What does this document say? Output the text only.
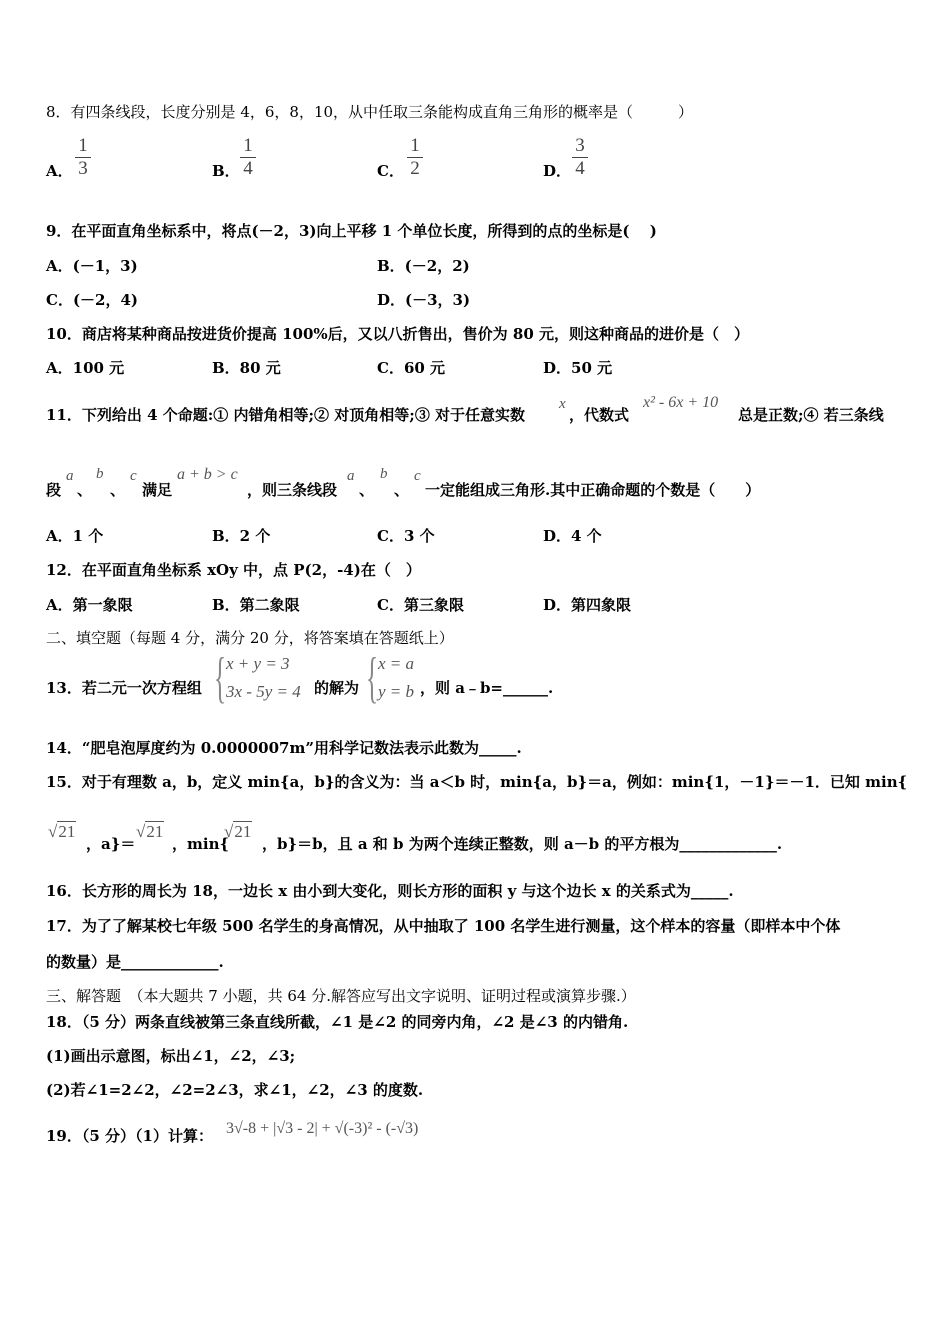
8．有四条线段，长度分别是 4，6，8，10，从中任取三条能构成直角三角形的概率是（　　　）
A．
1
3	B．
1
4	C．
1
2	D．
3
4
9．在平面直角坐标系中，将点(－2，3)向上平移 1 个单位长度，所得到的点的坐标是(　 )
A．(－1，3)	B．(－2，2)
C．(－2，4)	D．(－3，3)
10．商店将某种商品按进货价提高 100%后，又以八折售出，售价为 80 元，则这种商品的进价是（　）
A．100 元	B．80 元	C．60 元	D．50 元
11．下列给出 4 个命题:① 内错角相等;② 对顶角相等;③ 对于任意实数
x
，代数式
x² - 6x + 10
总是正数;④ 若三条线
段
a
、
b
、
c
满足
a + b > c
，则三条线段
a
、
b
、
c
一定能组成三角形.其中正确命题的个数是（　　）
A．1 个	B．2 个	C．3 个	D．4 个
12．在平面直角坐标系 xOy 中，点 P(2，-4)在（　）
A．第一象限	B．第二象限	C．第三象限	D．第四象限
二、填空题（每题 4 分，满分 20 分，将答案填在答题纸上）
13．若二元一次方程组 { x + y = 3
3x - 5y = 4 的解为 { x = a
y = b ，则 a﹣b=______.
14．“肥皂泡厚度约为 0.0000007m”用科学记数法表示此数为_____.
15．对于有理数 a，b，定义 min{a，b}的含义为：当 a＜b 时，min{a，b}＝a，例如：min{1，－1}＝－1．已知 min{
√21
，a}＝
√21
，min{
√21
，b}＝b，且 a 和 b 为两个连续正整数，则 a－b 的平方根为_____________.
16．长方形的周长为 18，一边长 x 由小到大变化，则长方形的面积 y 与这个边长 x 的关系式为_____.
17．为了了解某校七年级 500 名学生的身高情况，从中抽取了 100 名学生进行测量，这个样本的容量（即样本中个体
的数量）是_____________.
三、解答题　（本大题共 7 小题，共 64 分.解答应写出文字说明、证明过程或演算步骤.）
18．（5 分）两条直线被第三条直线所截，∠1 是∠2 的同旁内角，∠2 是∠3 的内错角.
(1)画出示意图，标出∠1，∠2，∠3;
(2)若∠1=2∠2，∠2=2∠3，求∠1，∠2，∠3 的度数.
19．（5 分）（1）计算： 3√-8 + |√3 - 2| + √(-3)² - (-√3)
